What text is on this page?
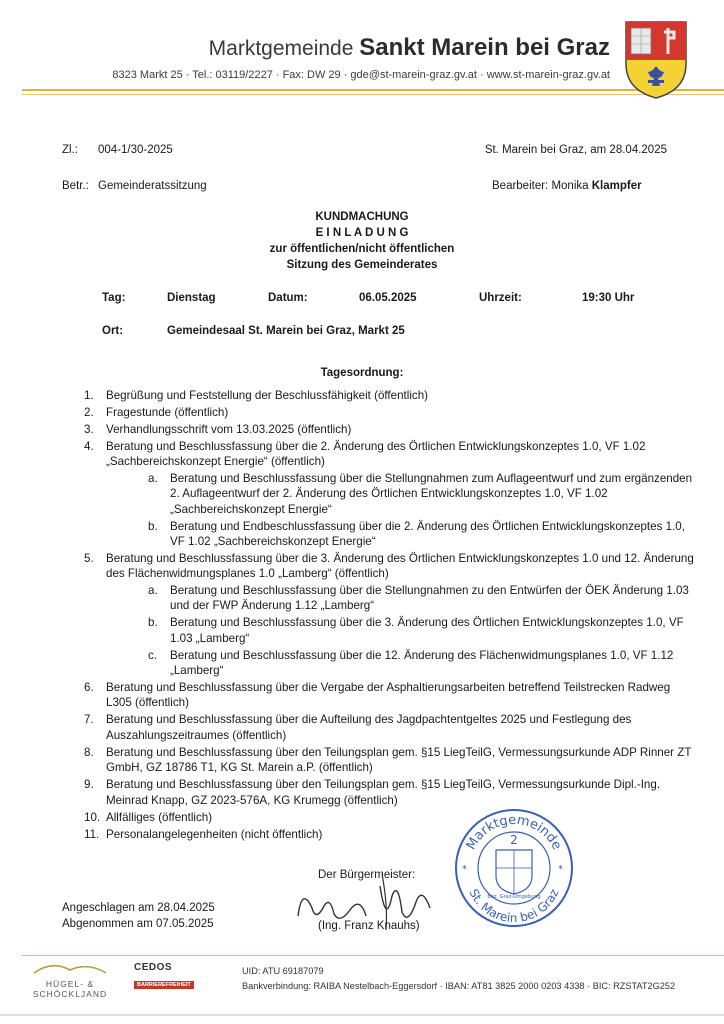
Marktgemeinde Sankt Marein bei Graz
8323 Markt 25 · Tel.: 03119/2227 · Fax: DW 29 · gde@st-marein-graz.gv.at · www.st-marein-graz.gv.at
Zl.: 004-1/30-2025	St. Marein bei Graz, am 28.04.2025
Betr.: Gemeinderatssitzung	Bearbeiter: Monika Klampfer
KUNDMACHUNG
E I N L A D U N G
zur öffentlichen/nicht öffentlichen
Sitzung des Gemeinderates
Tag:	Dienstag	Datum:	06.05.2025	Uhrzeit:	19:30 Uhr
Ort:	Gemeindesaal St. Marein bei Graz, Markt 25
Tagesordnung:
1. Begrüßung und Feststellung der Beschlussfähigkeit (öffentlich)
2. Fragestunde (öffentlich)
3. Verhandlungsschrift vom 13.03.2025 (öffentlich)
4. Beratung und Beschlussfassung über die 2. Änderung des Örtlichen Entwicklungskonzeptes 1.0, VF 1.02 „Sachbereichskonzept Energie“ (öffentlich)
a. Beratung und Beschlussfassung über die Stellungnahmen zum Auflageentwurf und zum ergänzenden 2. Auflageentwurf der 2. Änderung des Örtlichen Entwicklungskonzeptes 1.0, VF 1.02 „Sachbereichskonzept Energie“
b. Beratung und Endbeschlussfassung über die 2. Änderung des Örtlichen Entwicklungskonzeptes 1.0, VF 1.02 „Sachbereichskonzept Energie“
5. Beratung und Beschlussfassung über die 3. Änderung des Örtlichen Entwicklungskonzeptes 1.0 und 12. Änderung des Flächenwidmungsplanes 1.0 „Lamberg“ (öffentlich)
a. Beratung und Beschlussfassung über die Stellungnahmen zu den Entwürfen der ÖEK Änderung 1.03 und der FWP Änderung 1.12 „Lamberg“
b. Beratung und Beschlussfassung über die 3. Änderung des Örtlichen Entwicklungskonzeptes 1.0, VF 1.03 „Lamberg“
c. Beratung und Beschlussfassung über die 12. Änderung des Flächenwidmungsplanes 1.0, VF 1.12 „Lamberg“
6. Beratung und Beschlussfassung über die Vergabe der Asphaltierungsarbeiten betreffend Teilstrecken Radweg L305 (öffentlich)
7. Beratung und Beschlussfassung über die Aufteilung des Jagdpachtentgeltes 2025 und Festlegung des Auszahlungszeitraumes (öffentlich)
8. Beratung und Beschlussfassung über den Teilungsplan gem. §15 LiegTeilG, Vermessungsurkunde ADP Rinner ZT GmbH, GZ 18786 T1, KG St. Marein a.P. (öffentlich)
9. Beratung und Beschlussfassung über den Teilungsplan gem. §15 LiegTeilG, Vermessungsurkunde Dipl.-Ing. Meinrad Knapp, GZ 2023-576A, KG Krumegg (öffentlich)
10. Allfälliges (öffentlich)
11. Personalangelegenheiten (nicht öffentlich)
Der Bürgermeister:
(Ing. Franz Knauhs)
Angeschlagen am 28.04.2025
Abgenommen am 07.05.2025
Marktgemeinde
St. Marein bei Graz
2
Bez. Graz-Umgebung
*	*
HÜGEL- &
SCHÖCKLJAND
CEDOS
BARRIEREFREIHEIT
UID: ATU 69187079
Bankverbindung: RAIBA Nestelbach-Eggersdorf · IBAN: AT81 3825 2000 0203 4338 · BIC: RZSTAT2G252
